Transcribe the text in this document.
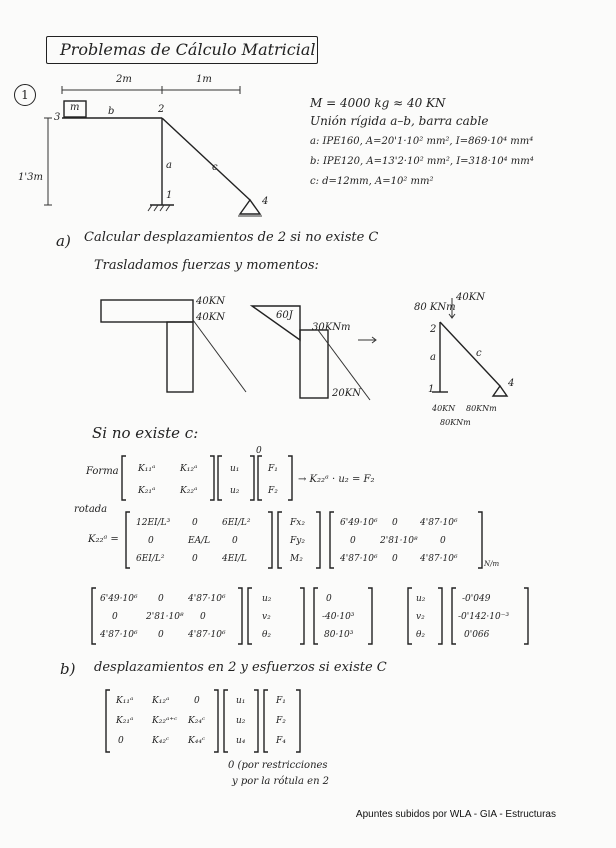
Problemas de Cálculo Matricial
1
2m	1m
1'3m
m	b
a	c
1
2
3
4
M = 4000 kg ≈ 40 KN
Unión rígida a–b, barra cable
a: IPE160, A=20'1·10² mm², I=869·10⁴ mm⁴
b: IPE120, A=13'2·10² mm², I=318·10⁴ mm⁴
c: d=12mm, A=10² mm²
a) Calcular desplazamientos de 2 si no existe C
Trasladamos fuerzas y momentos:
40KN
40KN	60J
30KNm
20KN
80 KNm
40KN
2
1
4
a	c
40KN 80KNm
80KNm
Si no existe c:
Forma K₁₁ᵃ	K₁₂ᵃ
K₂₁ᵃ	K₂₂ᵃ
u₁
u₂
0
F₁
F₂
→ K₂₂ᵃ · u₂ = F₂
rotada
K₂₂ᵃ =
12EI/L³ 0	6EI/L²
0	EA/L 0
6EI/L²	0	4EI/L
Fx₂
Fy₂
M₂
6'49·10⁶ 0 4'87·10⁶
0	2'81·10⁸ 0
4'87·10⁶ 0 4'87·10⁶	N/m
6'49·10⁶ 0	4'87·10⁶
0	2'81·10⁸ 0
4'87·10⁶ 0	4'87·10⁶
u₂
v₂
θ₂
0
-40·10³
80·10³
u₂
v₂
θ₂
-0'049
-0'142·10⁻³
0'066
b) desplazamientos en 2 y esfuerzos si existe C
K₁₁ᵃ K₁₂ᵃ	0
K₂₁ᵃ K₂₂ᵃ⁺ᶜ K₂₄ᶜ
0	K₄₂ᶜ K₄₄ᶜ
u₁
u₂
u₄
F₁
F₂
F₄
0 (por restricciones
y por la rótula en 2
Apuntes subidos por WLA - GIA - Estructuras
